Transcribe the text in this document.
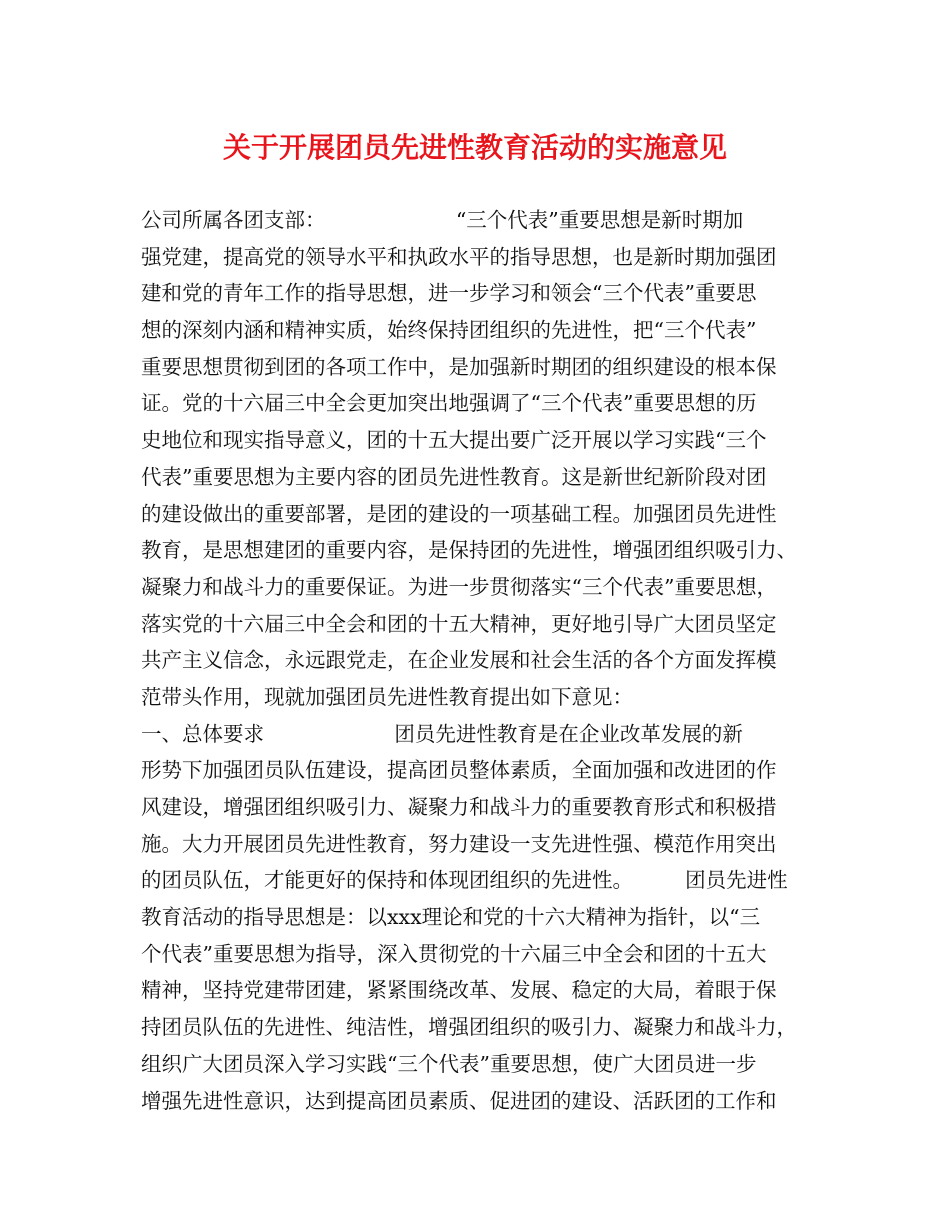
关于开展团员先进性教育活动的实施意见
公司所属各团支部：                    “三个代表”重要思想是新时期加
强党建，提高党的领导水平和执政水平的指导思想，也是新时期加强团
建和党的青年工作的指导思想，进一步学习和领会“三个代表”重要思
想的深刻内涵和精神实质，始终保持团组织的先进性，把“三个代表”
重要思想贯彻到团的各项工作中，是加强新时期团的组织建设的根本保
证。党的十六届三中全会更加突出地强调了“三个代表”重要思想的历
史地位和现实指导意义，团的十五大提出要广泛开展以学习实践“三个
代表”重要思想为主要内容的团员先进性教育。这是新世纪新阶段对团
的建设做出的重要部署，是团的建设的一项基础工程。加强团员先进性
教育，是思想建团的重要内容，是保持团的先进性，增强团组织吸引力、
凝聚力和战斗力的重要保证。为进一步贯彻落实“三个代表”重要思想，
落实党的十六届三中全会和团的十五大精神，更好地引导广大团员坚定
共产主义信念，永远跟党走，在企业发展和社会生活的各个方面发挥模
范带头作用，现就加强团员先进性教育提出如下意见：
一、总体要求                    团员先进性教育是在企业改革发展的新
形势下加强团员队伍建设，提高团员整体素质，全面加强和改进团的作
风建设，增强团组织吸引力、凝聚力和战斗力的重要教育形式和积极措
施。大力开展团员先进性教育，努力建设一支先进性强、模范作用突出
的团员队伍，才能更好的保持和体现团组织的先进性。        团员先进性
教育活动的指导思想是：以xxx理论和党的十六大精神为指针，以“三
个代表”重要思想为指导，深入贯彻党的十六届三中全会和团的十五大
精神，坚持党建带团建，紧紧围绕改革、发展、稳定的大局，着眼于保
持团员队伍的先进性、纯洁性，增强团组织的吸引力、凝聚力和战斗力，
组织广大团员深入学习实践“三个代表”重要思想，使广大团员进一步
增强先进性意识，达到提高团员素质、促进团的建设、活跃团的工作和
